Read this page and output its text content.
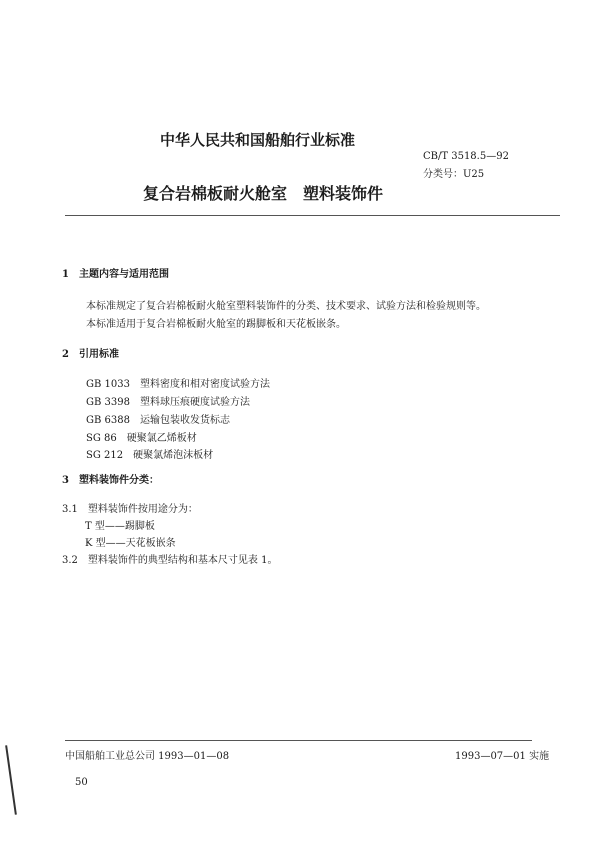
中华人民共和国船舶行业标准
CB/T 3518.5—92
分类号：U25
复合岩棉板耐火舱室　塑料装饰件
1　主题内容与适用范围
本标准规定了复合岩棉板耐火舱室塑料装饰件的分类、技术要求、试验方法和检验规则等。
本标准适用于复合岩棉板耐火舱室的踢脚板和天花板嵌条。
2　引用标准
GB 1033　塑料密度和相对密度试验方法
GB 3398　塑料球压痕硬度试验方法
GB 6388　运输包装收发货标志
SG 86　硬聚氯乙烯板材
SG 212　硬聚氯烯泡沫板材
3　塑料装饰件分类：
3.1　塑料装饰件按用途分为：
T 型——踢脚板
K 型——天花板嵌条
3.2　塑料装饰件的典型结构和基本尺寸见表 1。
中国船舶工业总公司 1993—01—08	1993—07—01 实施
50
